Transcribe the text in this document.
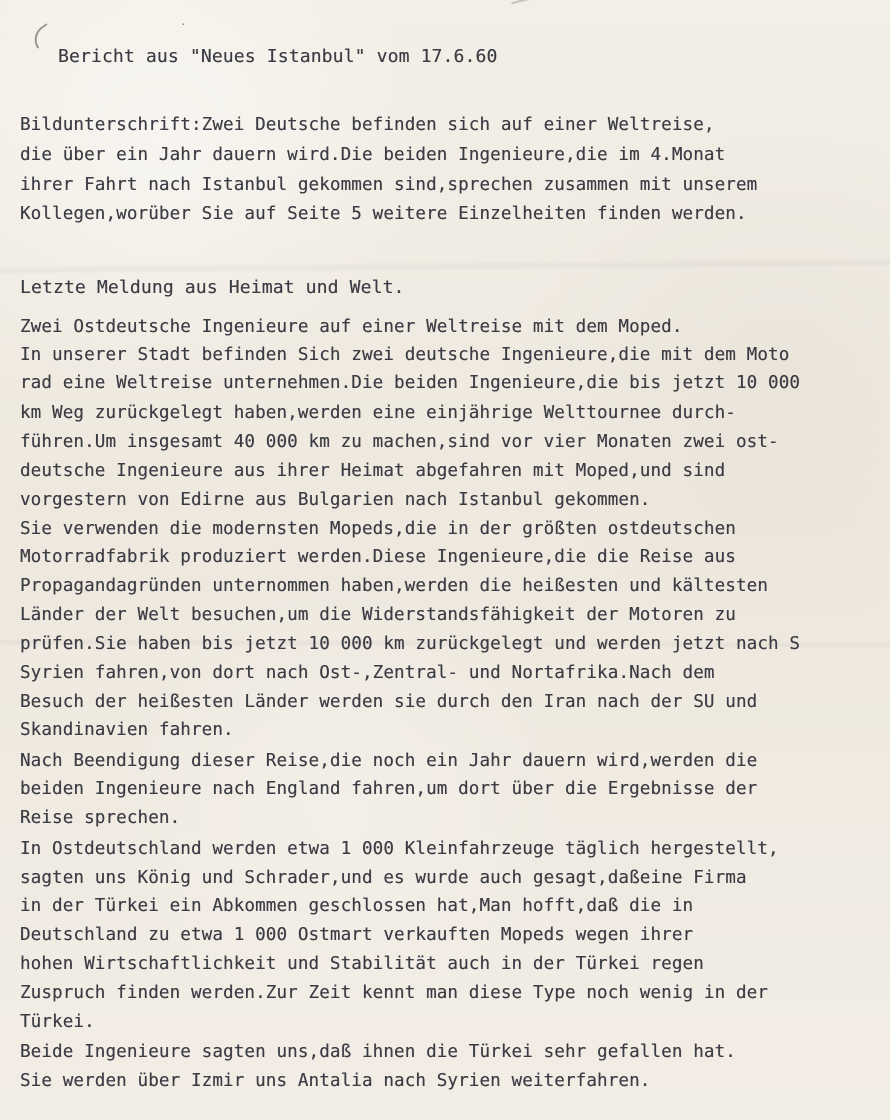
·
Bericht aus "Neues Istanbul" vom 17.6.60
Bildunterschrift:Zwei Deutsche befinden sich auf einer Weltreise,
die über ein Jahr dauern wird.Die beiden Ingenieure,die im 4.Monat
ihrer Fahrt nach Istanbul gekommen sind,sprechen zusammen mit unserem
Kollegen,worüber Sie auf Seite 5 weitere Einzelheiten finden werden.
Letzte Meldung aus Heimat und Welt.
Zwei Ostdeutsche Ingenieure auf einer Weltreise mit dem Moped.
In unserer Stadt befinden Sich zwei deutsche Ingenieure,die mit dem Moto
rad eine Weltreise unternehmen.Die beiden Ingenieure,die bis jetzt 10 000
km Weg zurückgelegt haben,werden eine einjährige Welttournee durch-
führen.Um insgesamt 40 000 km zu machen,sind vor vier Monaten zwei ost-
deutsche Ingenieure aus ihrer Heimat abgefahren mit Moped,und sind
vorgestern von Edirne aus Bulgarien nach Istanbul gekommen.
Sie verwenden die modernsten Mopeds,die in der größten ostdeutschen
Motorradfabrik produziert werden.Diese Ingenieure,die die Reise aus
Propagandagründen unternommen haben,werden die heißesten und kältesten
Länder der Welt besuchen,um die Widerstandsfähigkeit der Motoren zu
prüfen.Sie haben bis jetzt 10 000 km zurückgelegt und werden jetzt nach S
Syrien fahren,von dort nach Ost-,Zentral- und Nortafrika.Nach dem
Besuch der heißesten Länder werden sie durch den Iran nach der SU und
Skandinavien fahren.
Nach Beendigung dieser Reise,die noch ein Jahr dauern wird,werden die
beiden Ingenieure nach England fahren,um dort über die Ergebnisse der
Reise sprechen.
In Ostdeutschland werden etwa 1 000 Kleinfahrzeuge täglich hergestellt,
sagten uns König und Schrader,und es wurde auch gesagt,daßeine Firma
in der Türkei ein Abkommen geschlossen hat,Man hofft,daß die in
Deutschland zu etwa 1 000 Ostmart verkauften Mopeds wegen ihrer
hohen Wirtschaftlichkeit und Stabilität auch in der Türkei regen
Zuspruch finden werden.Zur Zeit kennt man diese Type noch wenig in der
Türkei.
Beide Ingenieure sagten uns,daß ihnen die Türkei sehr gefallen hat.
Sie werden über Izmir uns Antalia nach Syrien weiterfahren.
